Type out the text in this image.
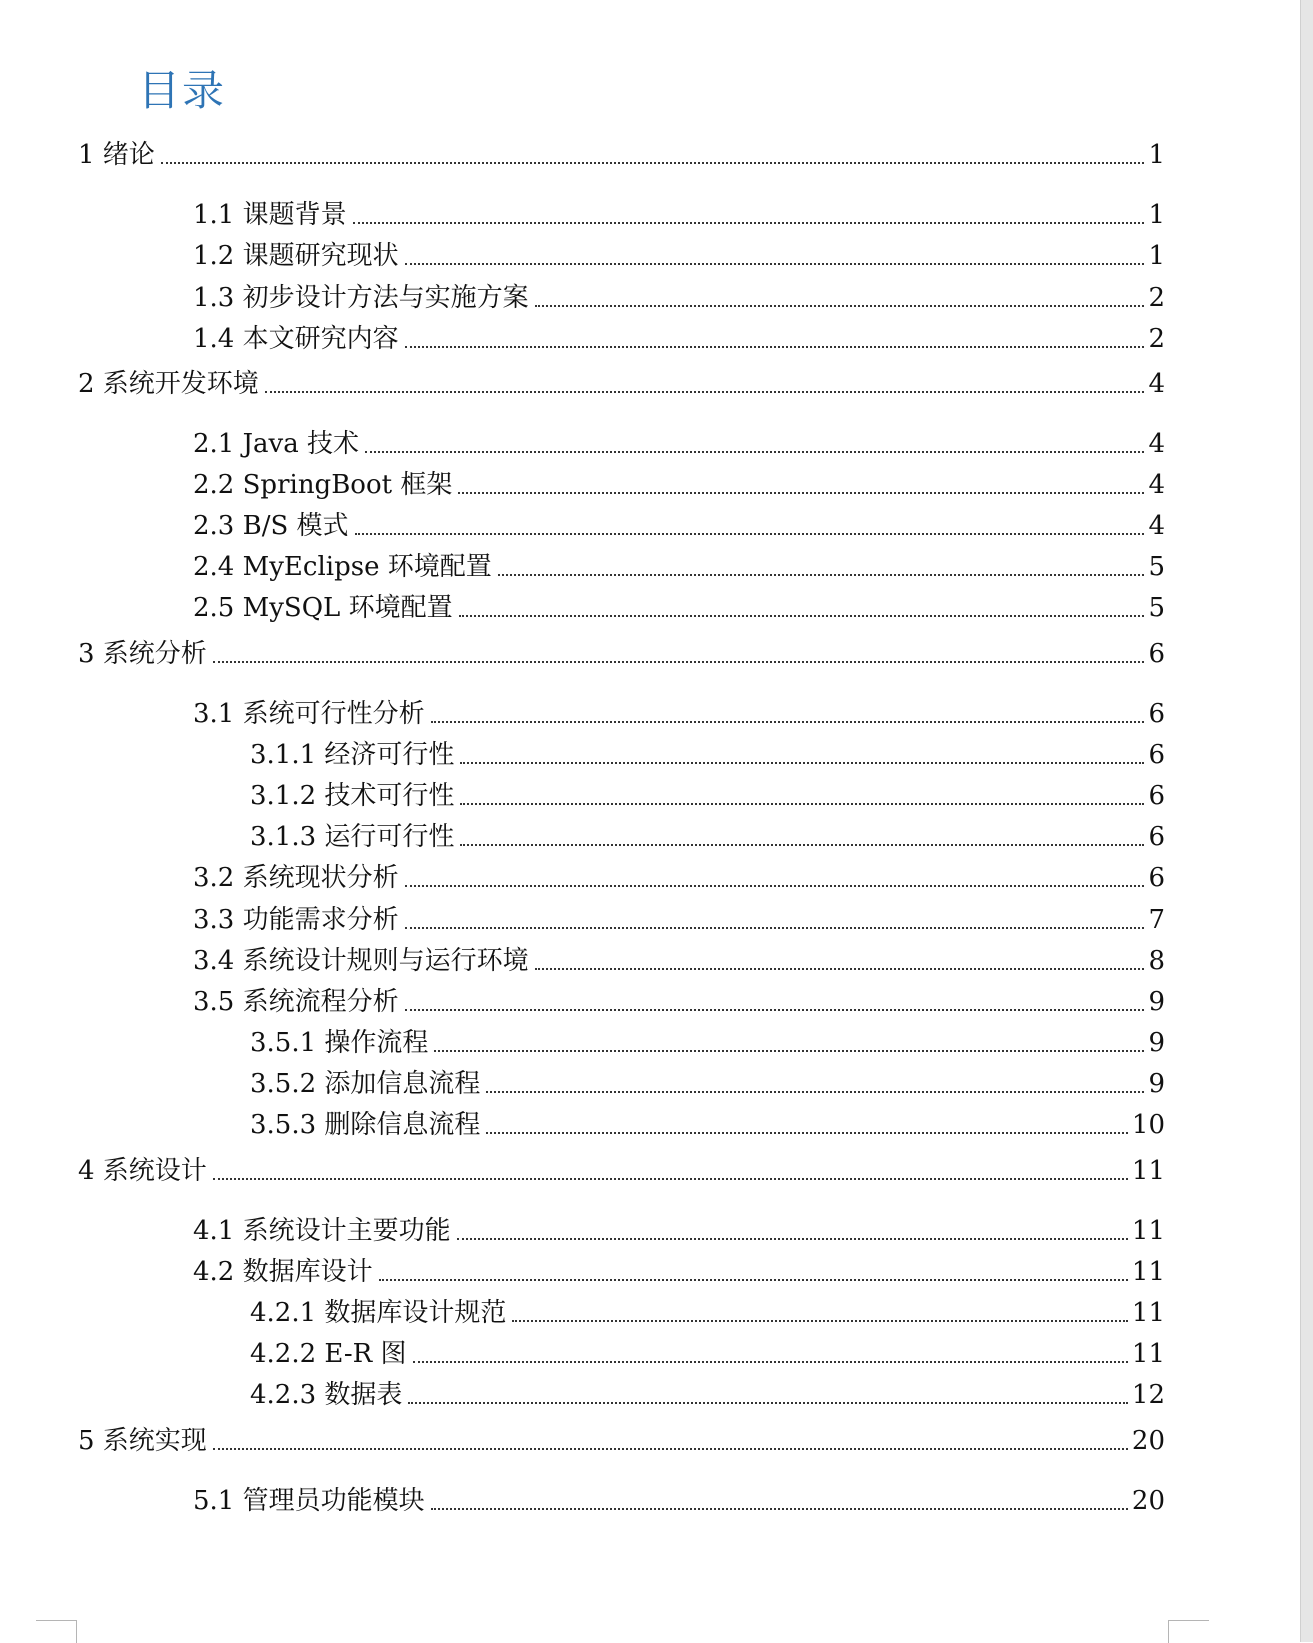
目录
1 绪论	1
1.1 课题背景	1
1.2 课题研究现状	1
1.3 初步设计方法与实施方案	2
1.4 本文研究内容	2
2 系统开发环境	4
2.1 Java 技术	4
2.2 SpringBoot 框架	4
2.3 B/S 模式	4
2.4 MyEclipse 环境配置	5
2.5 MySQL 环境配置	5
3 系统分析	6
3.1 系统可行性分析	6
3.1.1 经济可行性	6
3.1.2 技术可行性	6
3.1.3 运行可行性	6
3.2 系统现状分析	6
3.3 功能需求分析	7
3.4 系统设计规则与运行环境	8
3.5 系统流程分析	9
3.5.1 操作流程	9
3.5.2 添加信息流程	9
3.5.3 删除信息流程	10
4 系统设计	11
4.1 系统设计主要功能	11
4.2 数据库设计	11
4.2.1 数据库设计规范	11
4.2.2 E-R 图	11
4.2.3 数据表	12
5 系统实现	20
5.1 管理员功能模块	20
